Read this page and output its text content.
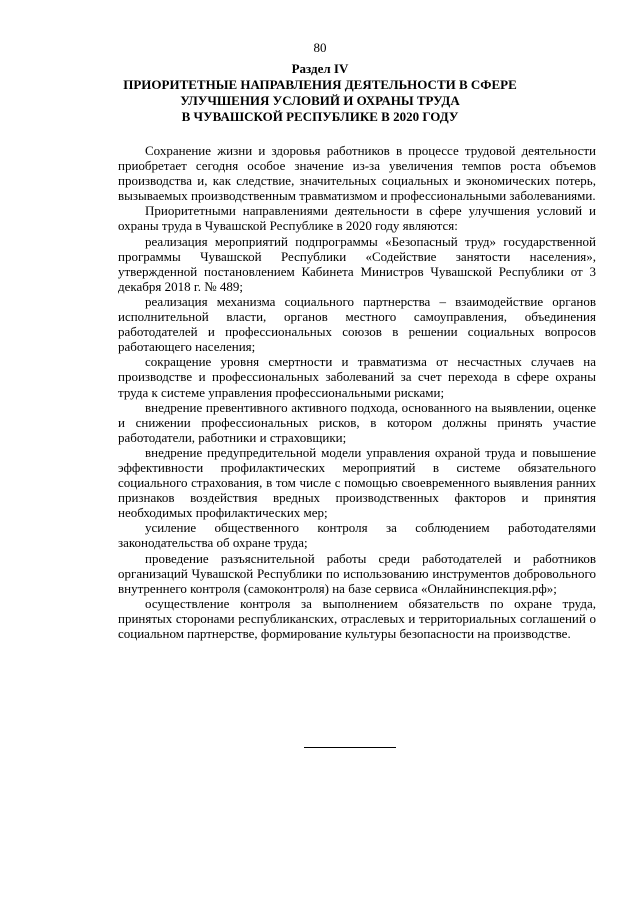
80
Раздел IV
ПРИОРИТЕТНЫЕ НАПРАВЛЕНИЯ ДЕЯТЕЛЬНОСТИ В СФЕРЕ
УЛУЧШЕНИЯ УСЛОВИЙ И ОХРАНЫ ТРУДА
В ЧУВАШСКОЙ РЕСПУБЛИКЕ В 2020 ГОДУ

Сохранение жизни и здоровья работников в процессе трудовой деятельности приобретает сегодня особое значение из-за увеличения темпов роста объемов производства и, как следствие, значительных социальных и экономических потерь, вызываемых производственным травматизмом и профессиональными заболеваниями.

Приоритетными направлениями деятельности в сфере улучшения условий и охраны труда в Чувашской Республике в 2020 году являются:

реализация мероприятий подпрограммы «Безопасный труд» государственной программы Чувашской Республики «Содействие занятости населения», утвержденной постановлением Кабинета Министров Чувашской Республики от 3 декабря 2018 г. № 489;

реализация механизма социального партнерства – взаимодействие органов исполнительной власти, органов местного самоуправления, объединения работодателей и профессиональных союзов в решении социальных вопросов работающего населения;

сокращение уровня смертности и травматизма от несчастных случаев на производстве и профессиональных заболеваний за счет перехода в сфере охраны труда к системе управления профессиональными рисками;

внедрение превентивного активного подхода, основанного на выявлении, оценке и снижении профессиональных рисков, в котором должны принять участие работодатели, работники и страховщики;

внедрение предупредительной модели управления охраной труда и повышение эффективности профилактических мероприятий в системе обязательного социального страхования, в том числе с помощью своевременного выявления ранних признаков воздействия вредных производственных факторов и принятия необходимых профилактических мер;

усиление общественного контроля за соблюдением работодателями законодательства об охране труда;

проведение разъяснительной работы среди работодателей и работников организаций Чувашской Республики по использованию инструментов добровольного внутреннего контроля (самоконтроля) на базе сервиса «Онлайнинспекция.рф»;

осуществление контроля за выполнением обязательств по охране труда, принятых сторонами республиканских, отраслевых и территориальных соглашений о социальном партнерстве, формирование культуры безопасности на производстве.
